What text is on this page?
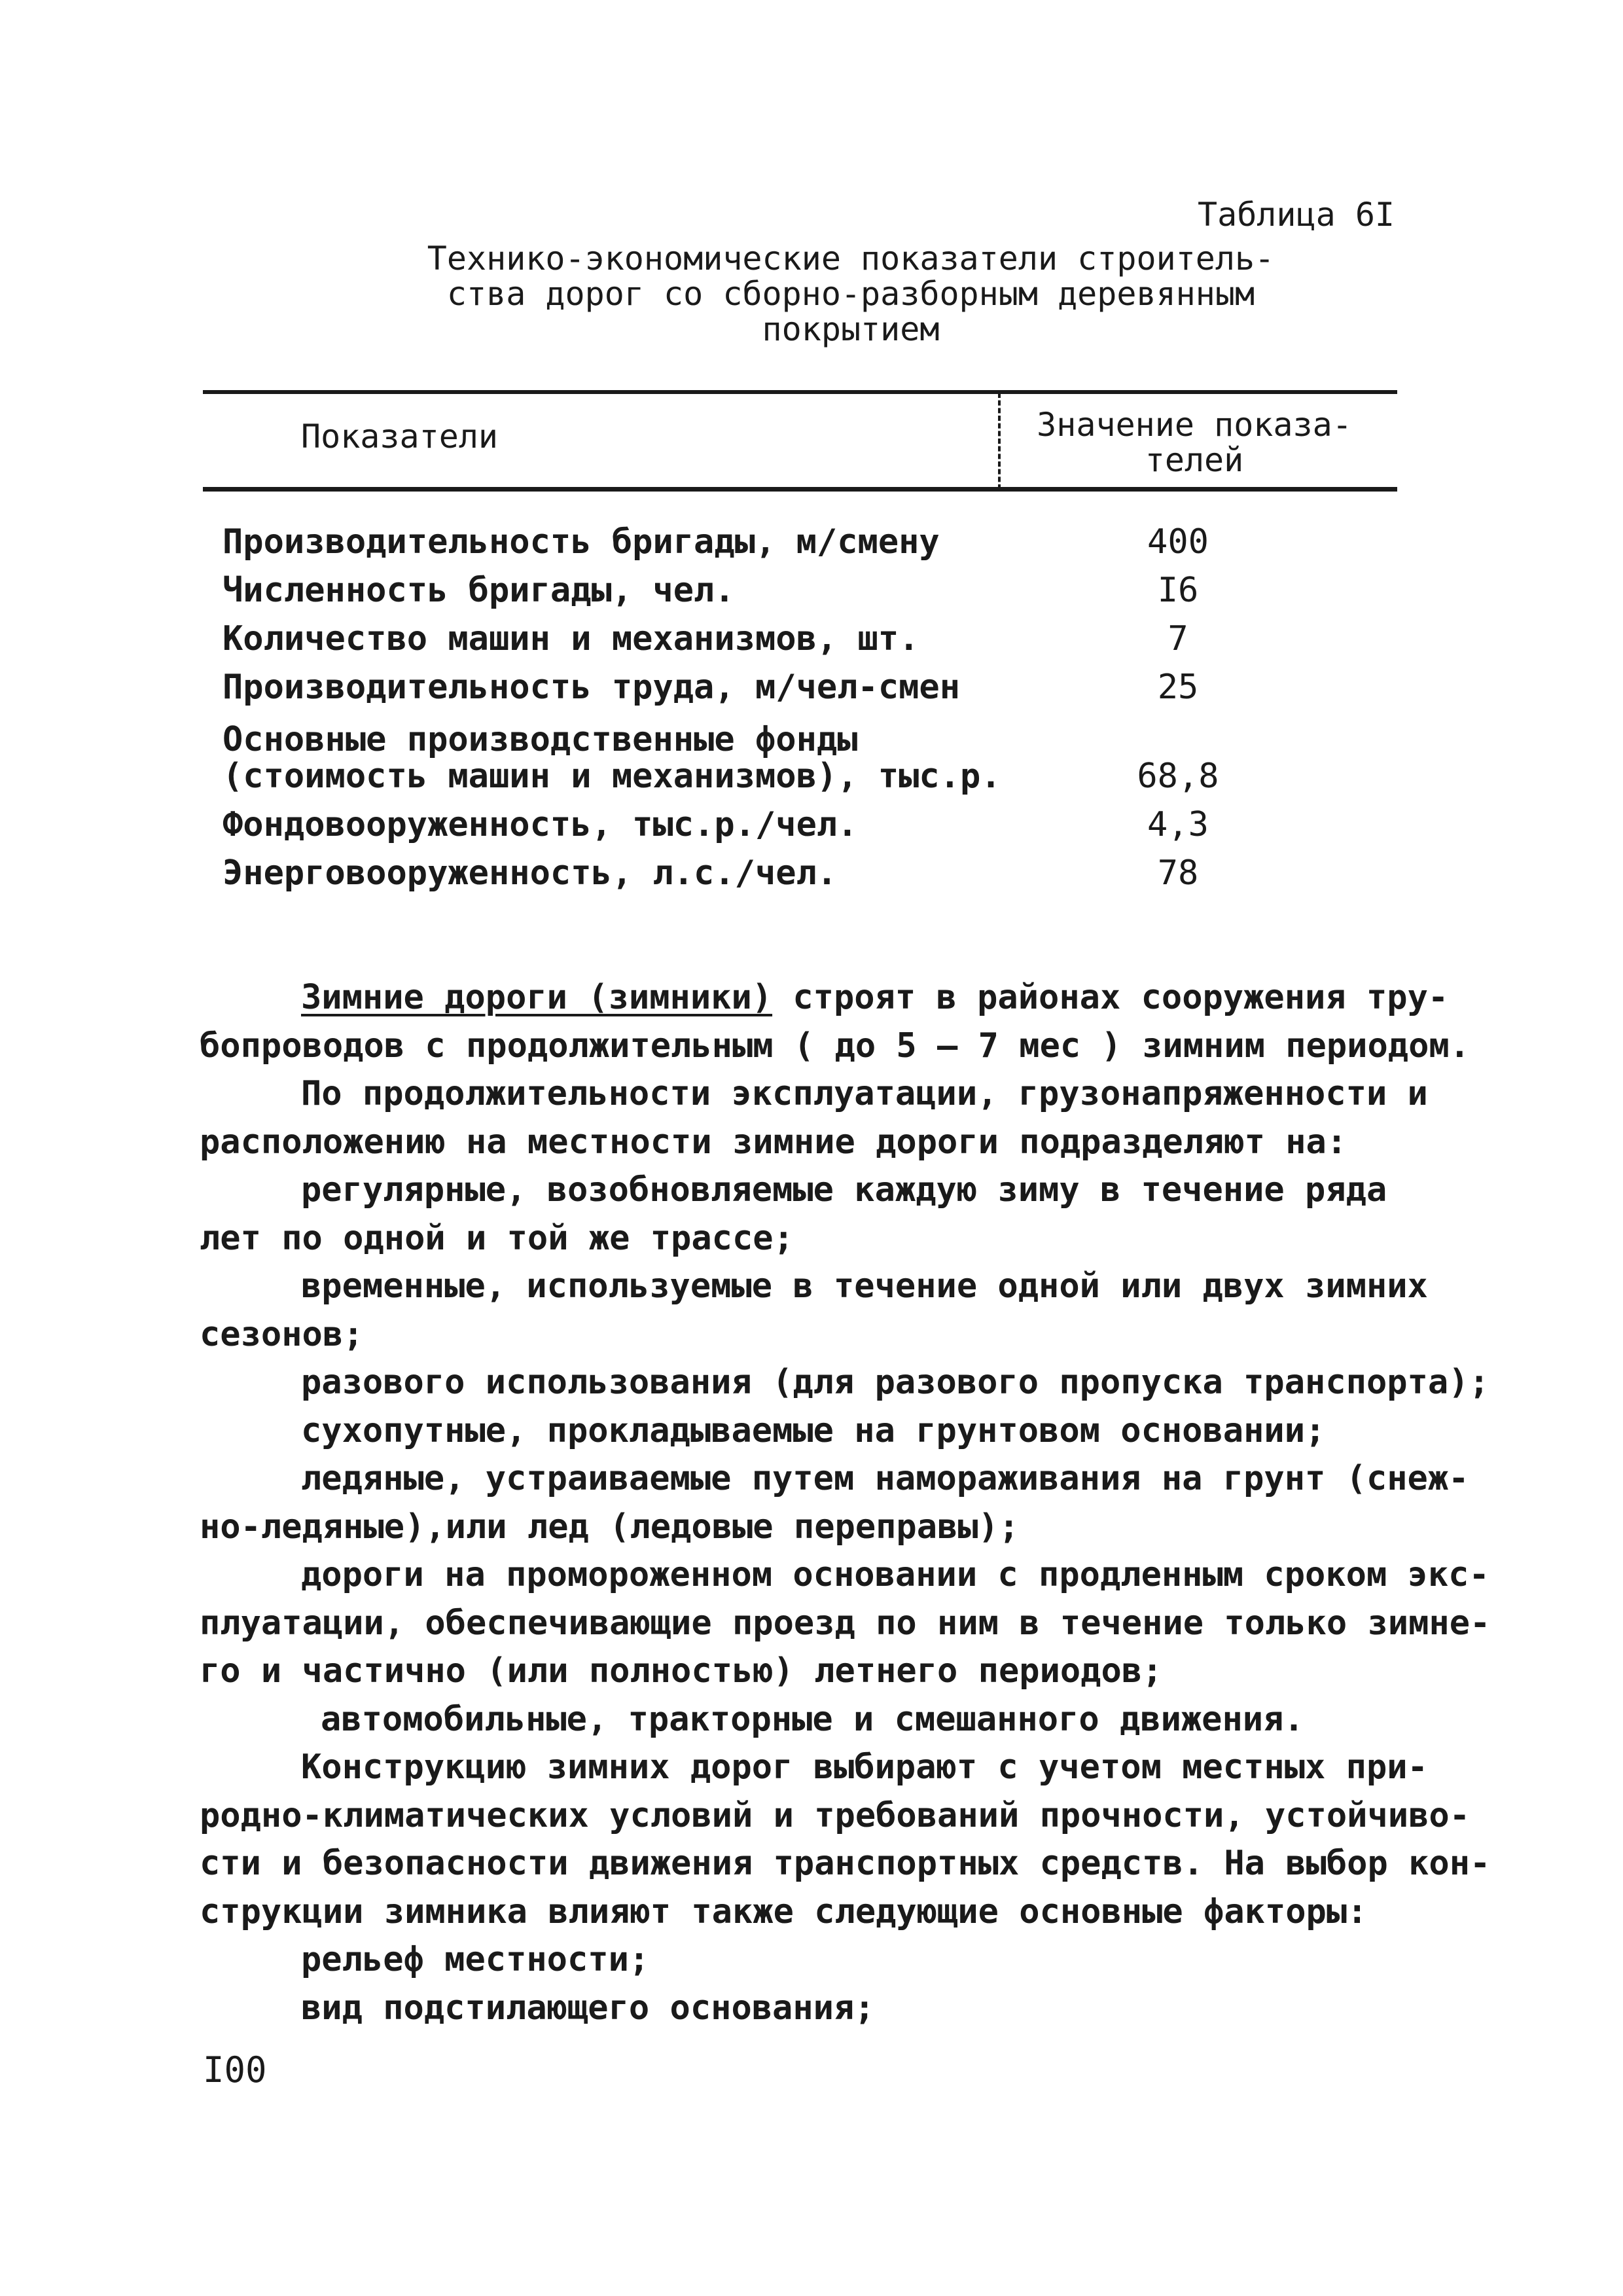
Таблица 6I
Технико-экономические показатели строитель-
ства дорог со сборно-разборным деревянным
покрытием
Показатели	Значение показа-
телей
Производительность бригады, м/смену	400
Численность бригады, чел.	I6
Количество машин и механизмов, шт.	7
Производительность труда, м/чел-смен	25
Основные производственные фонды
(стоимость машин и механизмов), тыс.р.	68,8
Фондовооруженность, тыс.р./чел.	4,3
Энерговооруженность, л.с./чел.	78

Зимние дороги (зимники) строят в районах сооружения тру-

бопроводов с продолжительным ( до 5 – 7 мес ) зимним периодом.

По продолжительности эксплуатации, грузонапряженности и

расположению на местности зимние дороги подразделяют на:

регулярные, возобновляемые каждую зиму в течение ряда

лет по одной и той же трассе;

временные, используемые в течение одной или двух зимних

сезонов;

разового использования (для разового пропуска транспорта);

сухопутные, прокладываемые на грунтовом основании;

ледяные, устраиваемые путем намораживания на грунт (снеж-

но-ледяные),или лед (ледовые переправы);

дороги на промороженном основании с продленным сроком экс-

плуатации, обеспечивающие проезд по ним в течение только зимне-

го и частично (или полностью) летнего периодов;

автомобильные, тракторные и смешанного движения.

Конструкцию зимних дорог выбирают с учетом местных при-

родно-климатических условий и требований прочности, устойчиво-

сти и безопасности движения транспортных средств. На выбор кон-

струкции зимника влияют также следующие основные факторы:

рельеф местности;

вид подстилающего основания;

I00
